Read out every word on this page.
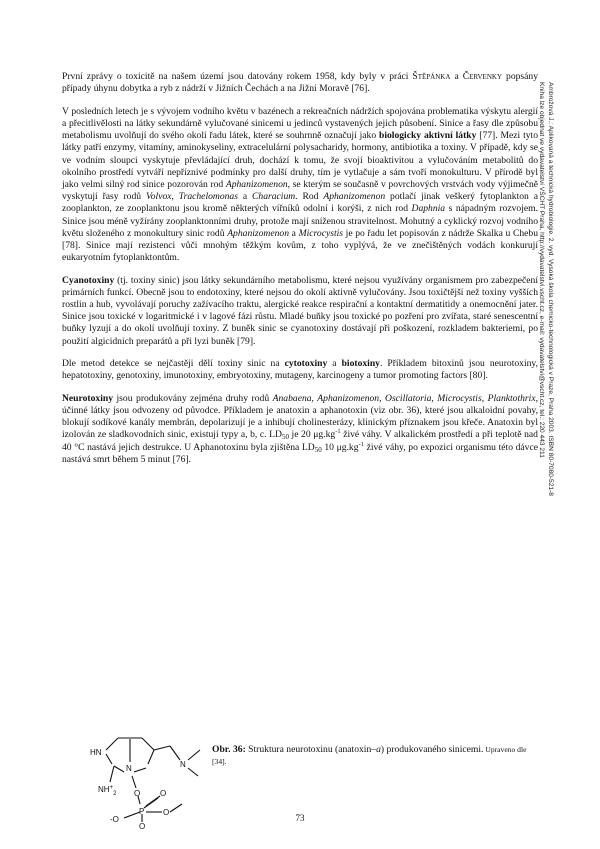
Ambrožová J.: Aplikovaná a technická hydrobiologie. 2. vyd. Vysoká škola chemicko-technologická v Praze, Praha 2003. ISBN 80-7080-521-8
Kniha lze objednat ve vydavatelství VŠCHT Praha, http://vydavatelstvi.vscht.cz, e-mail: vydavatelstvi@vscht.cz, tel.: 220 443 211

První zprávy o toxicitě na našem území jsou datovány rokem 1958, kdy byly v práci Štěpánka a Červenky popsány případy úhynu dobytka a ryb z nádrží v Jižních Čechách a na Jižní Moravě [76].

V posledních letech je s vývojem vodního květu v bazénech a rekreačních nádržích spojována problematika výskytu alergií a přecitlivělosti na látky sekundárně vylučované sinicemi u jedinců vystavených jejich působení. Sinice a řasy dle způsobu metabolismu uvolňují do svého okolí řadu látek, které se souhrnně označují jako biologicky aktivní látky [77]. Mezi tyto látky patří enzymy, vitamíny, aminokyseliny, extracelulární polysacharidy, hormony, antibiotika a toxiny. V případě, kdy se ve vodním sloupci vyskytuje převládající druh, dochází k tomu, že svojí bioaktivitou a vylučováním metabolitů do okolního prostředí vytváří nepříznivé podmínky pro další druhy, tím je vytlačuje a sám tvoří monokulturu. V přírodě byl jako velmi silný rod sinice pozorován rod Aphanizomenon, se kterým se současně v povrchových vrstvách vody výjimečně vyskytují řasy rodů Volvox, Trachelomonas a Characium. Rod Aphanizomenon potlačí jinak veškerý fytoplankton a zooplankton, ze zooplanktonu jsou kromě některých vířníků odolní i korýši, z nich rod Daphnia s nápadným rozvojem. Sinice jsou méně vyžírány zooplanktonními druhy, protože mají sníženou stravitelnost. Mohutný a cyklický rozvoj vodního květu složeného z monokultury sinic rodů Aphanizomenon a Microcystis je po řadu let popisován z nádrže Skalka u Chebu [78]. Sinice mají rezistenci vůči mnohým těžkým kovům, z toho vyplývá, že ve znečištěných vodách konkurují eukaryotním fytoplanktontům.

Cyanotoxiny (tj. toxiny sinic) jsou látky sekundárního metabolismu, které nejsou využívány organismem pro zabezpečení primárních funkcí. Obecně jsou to endotoxiny, které nejsou do okolí aktivně vylučovány. Jsou toxičtější než toxiny vyšších rostlin a hub, vyvolávají poruchy zažívacího traktu, alergické reakce respirační a kontaktní dermatitidy a onemocnění jater. Sinice jsou toxické v logaritmické i v lagové fázi růstu. Mladé buňky jsou toxické po pozření pro zvířata, staré senescentní buňky lyzují a do okolí uvolňují toxiny. Z buněk sinic se cyanotoxiny dostávají při poškození, rozkladem bakteriemi, po použití algicidních preparátů a při lyzi buněk [79].

Dle metod detekce se nejčastěji dělí toxiny sinic na cytotoxiny a biotoxiny. Příkladem bitoxinů jsou neurotoxiny, hepatotoxiny, genotoxiny, imunotoxiny, embryotoxiny, mutageny, karcinogeny a tumor promoting factors [80].

Neurotoxiny jsou produkovány zejména druhy rodů Anabaena, Aphanizomenon, Oscillatoria, Microcystis, Planktothrix, účinné látky jsou odvozeny od původce. Příkladem je anatoxin a aphanotoxin (viz obr. 36), které jsou alkaloidní povahy, blokují sodíkové kanály membrán, depolarizují je a inhibují cholinesterázy, klinickým příznakem jsou křeče. Anatoxin byl izolován ze sladkovodních sinic, existují typy a, b, c. $LD_{50}$ je 20 $\mu g.kg^{-1}$ živé váhy. V alkalickém prostředí a při teplotě nad 40 °C nastává jejich destrukce. U Aphanotoxinu byla zjištěna $LD_{50}$ 10 $\mu g.kg^{-1}$ živé váhy, po expozici organismu této dávce nastává smrt během 5 minut [76].

HN
N	N
$NH^+_2$ O
P
O
-O
O
O
Obr. 36: Struktura neurotoxinu (anatoxin–a) produkovaného sinicemi. Upraveno dle [34].
73
